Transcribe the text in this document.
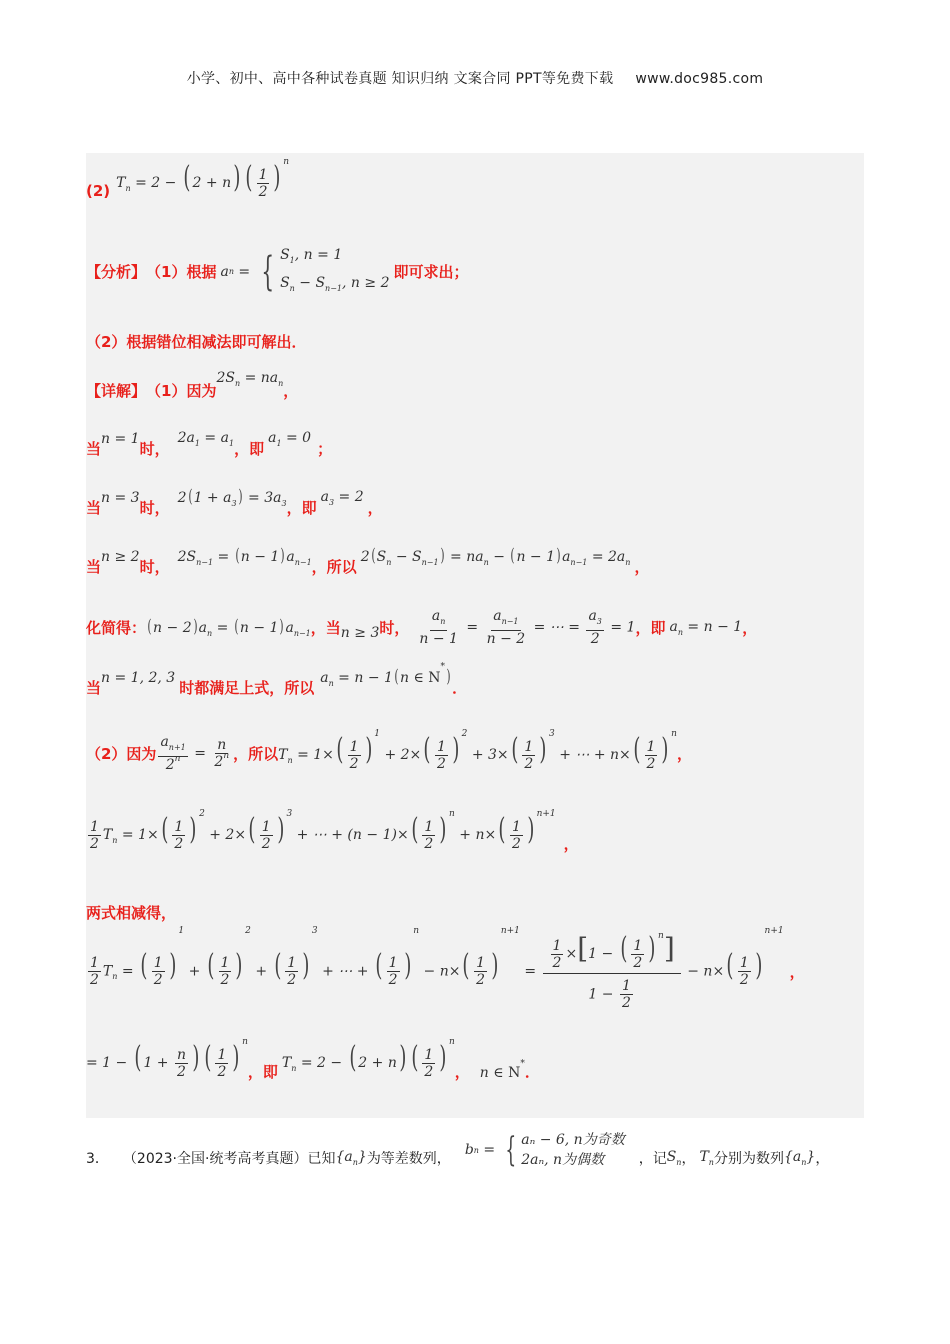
小学、初中、高中各种试卷真题 知识归纳 文案合同 PPT等免费下载 www.doc985.com
(2) $T_n = 2$ − ( 2 + n) ( $\frac{1}{2}$ ) $^n$
【分析】 （1）根据 a n = { $S_1$, n = 1
$S_n - S_{n-1}$, n ≥ 2
即可求出；
（2）根据错位相减法即可解出．
【详解】 （1）因为
$2S_n = na_n$ ，
当
n = 1
时，
$2a_1 = a_1$ ，即
$a_1 = 0$
；
当
n = 3
时，
$2(1 + a_3) = 3a_3$ ，即
$a_3 = 2$
，
当
n ≥ 2
时，
$2S_{n-1} = (n - 1)a_{n-1}$ ，所以
$2(S_n - S_{n-1}) = na_n - (n - 1)a_{n-1} = 2a_n$ ，
化简得： $(n - 2)a_n = (n - 1)a_{n-1}$ ，当 n ≥ 3 时， $\frac{a_n}{n - 1} = \frac{a_{n-1}}{n - 2}$ = ⋯ = $\frac{a_3}{2} = 1$ ，即 $a_n = n - 1$ ，
当
n = 1, 2, 3
时都满足上式，所以
$a_n = n - 1(n$ ∈ N*)
．
（2）因为 $\frac{a_{n+1}}{2^n} = \frac{n}{2^n}$ ，所以 $T_n = 1\times( \frac{1}{2}$ ) $^1 + 2\times( \frac{1}{2}$ ) $^2 + 3\times( \frac{1}{2}$ ) $^3$ + ⋯ + $n\times( \frac{1}{2}$ ) $^n$
，
$\frac{1}{2} T_n = 1\times( \frac{1}{2}$ ) $^2 + 2\times( \frac{1}{2}$ ) $^3$ + ⋯ + $(n - 1)\times( \frac{1}{2}$ ) $^n + n\times( \frac{1}{2}$ ) $^{n+1}$
，
两式相减得，
$\frac{1}{2} T_n$ = ( $\frac{1}{2} )^1$ + ( $\frac{1}{2} )^2$ + ( $\frac{1}{2} )^3$ + ⋯ + ( $\frac{1}{2} )^n - n\times( \frac{1}{2} )^{n+1} = \frac{\frac{1}{2} \times[1 - ( \frac{1}{2} ) ^n]}{1 - \frac{1}{2}} - n\times( \frac{1}{2} )^{n+1}$
，
= 1 − ( $1 + \frac{n}{2}$ ) ( $\frac{1}{2}$ ) $^n$
，即 $T_n = 2$ − ( 2 + n) ( $\frac{1}{2}$ ) $^n$
， n ∈ N* ．
3． （2023·全国·统考高考真题）已知 $\{a_n\}$ 为等差数列，
b n = { aₙ − 6, n为奇数
2aₙ, n为偶数	，记 $S_n$ ， $T_n$ 分别为数列 $\{a_n\}$ ，
